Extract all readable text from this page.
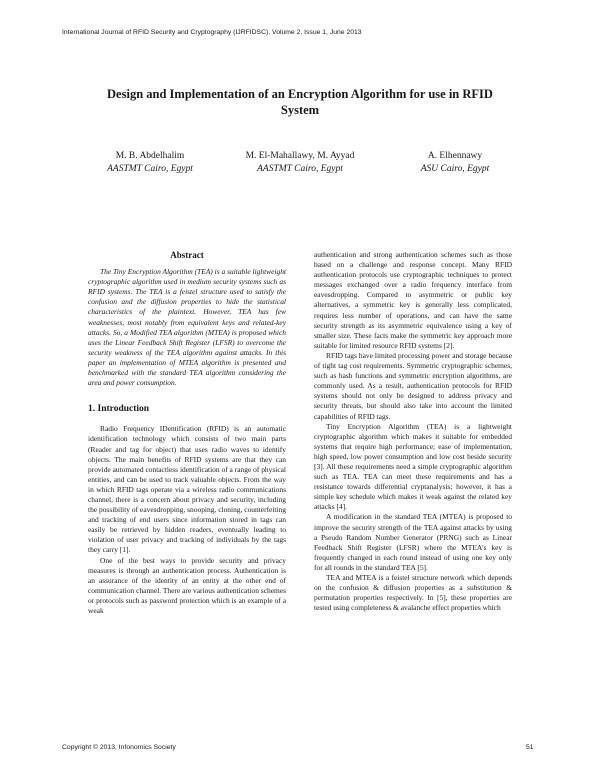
International Journal of RFID Security and Cryptography (IJRFIDSC), Volume 2, Issue 1, June 2013
Design and Implementation of an Encryption Algorithm for use in RFID System
M. B. Abdelhalim
AASTMT Cairo, Egypt
M. El-Mahallawy, M. Ayyad
AASTMT Cairo, Egypt
A. Elhennawy
ASU Cairo, Egypt
Abstract

The Tiny Encryption Algorithm (TEA) is a suitable lightweight cryptographic algorithm used in medium security systems such as RFID systems. The TEA is a feistel structure used to satisfy the confusion and the diffusion properties to hide the statistical characteristics of the plaintext. However, TEA has few weaknesses, most notably from equivalent keys and related-key attacks. So, a Modified TEA algorithm (MTEA) is proposed which uses the Linear Feedback Shift Register (LFSR) to overcome the security weakness of the TEA algorithm against attacks. In this paper an implementation of MTEA algorithm is presented and benchmarked with the standard TEA algorithm considering the area and power consumption.

1. Introduction

Radio Frequency IDentification (RFID) is an automatic identification technology which consists of two main parts (Reader and tag for object) that uses radio waves to identify objects. The main benefits of RFID systems are that they can provide automated contactless identification of a range of physical entities, and can be used to track valuable objects. From the way in which RFID tags operate via a wireless radio communications channel, there is a concern about privacy and security, including the possibility of eavesdropping, snooping, cloning, counterfeiting and tracking of end users since information stored in tags can easily be retrieved by hidden readers, eventually leading to violation of user privacy and tracking of individuals by the tags they carry [1].

One of the best ways to provide security and privacy measures is through an authentication process. Authentication is an assurance of the identity of an entity at the other end of communication channel. There are various authentication schemes or protocols such as password protection which is an example of a weak

authentication and strong authentication schemes such as those based on a challenge and response concept. Many RFID authentication protocols use cryptographic techniques to protect messages exchanged over a radio frequency interface from eavesdropping. Compared to asymmetric or public key alternatives, a symmetric key is generally less complicated, requires less number of operations, and can have the same security strength as its asymmetric equivalence using a key of smaller size. These facts make the symmetric key approach more suitable for limited resource RFID systems [2].

RFID tags have limited processing power and storage because of tight tag cost requirements. Symmetric cryptographic schemes, such as hash functions and symmetric encryption algorithms, are commonly used. As a result, authentication protocols for RFID systems should not only be designed to address privacy and security threats, but should also take into account the limited capabilities of RFID tags.

Tiny Encryption Algorithm (TEA) is a lightweight cryptographic algorithm which makes it suitable for embedded systems that require high performance; ease of implementation, high speed, low power consumption and low cost beside security [3]. All these requirements need a simple cryptographic algorithm such as TEA. TEA can meet these requirements and has a resistance towards differential cryptanalysis; however, it has a simple key schedule which makes it weak against the related key attacks [4].

A modification in the standard TEA (MTEA) is proposed to improve the security strength of the TEA against attacks by using a Pseudo Random Number Generator (PRNG) such as Linear Feedback Shift Register (LFSR) where the MTEA's key is frequently changed in each round instead of using one key only for all rounds in the standard TEA [5].

TEA and MTEA is a feistel structure network which depends on the confusion & diffusion properties as a substitution & permutation properties respectively. In [5], these properties are tested using completeness & avalanche effect properties which

Copyright © 2013, Infonomics Society	51
